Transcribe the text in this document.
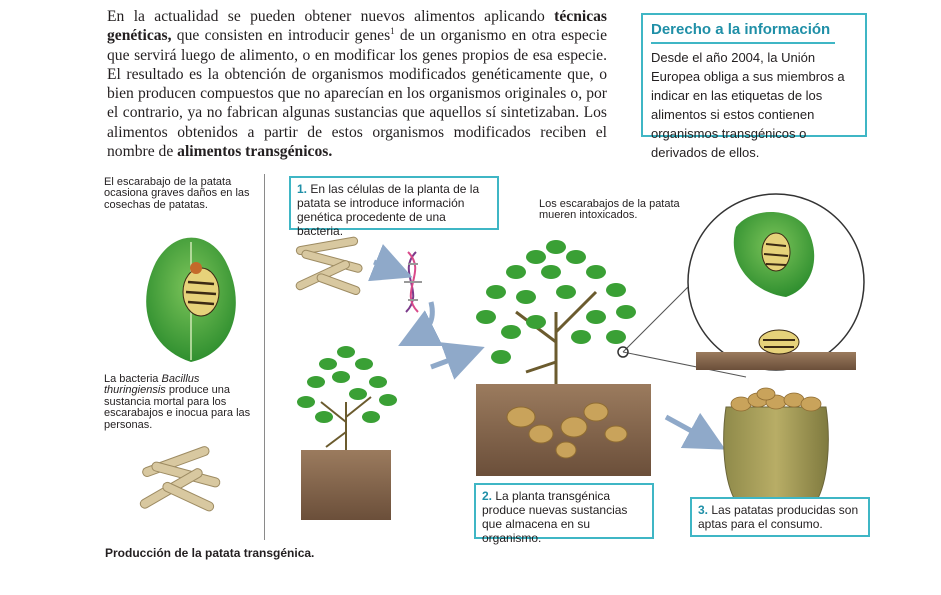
En la actualidad se pueden obtener nuevos alimentos aplicando técnicas genéticas, que consisten en introducir genes$^1$ de un organismo en otra especie que servirá luego de alimento, o en modificar los genes propios de esa especie. El resultado es la obtención de organismos modificados genéticamente que, o bien producen compuestos que no aparecían en los organismos originales o, por el contrario, ya no fabrican algunas sustancias que aquellos sí sintetizaban. Los alimentos obtenidos a partir de estos organismos modificados reciben el nombre de alimentos transgénicos.
Derecho a la información
Desde el año 2004, la Unión Europea obliga a sus miembros a indicar en las etiquetas de los alimentos si estos contienen organismos transgénicos o derivados de ellos.
El escarabajo de la patata ocasiona graves daños en las cosechas de patatas.
La bacteria Bacillus thuringiensis produce una sustancia mortal para los escarabajos e inocua para las personas.
Los escarabajos de la patata mueren intoxicados.
1. En las células de la planta de la patata se introduce información genética procedente de una bacteria.
2. La planta transgénica produce nuevas sustancias que almacena en su organismo.
3. Las patatas producidas son aptas para el consumo.
Producción de la patata transgénica.
